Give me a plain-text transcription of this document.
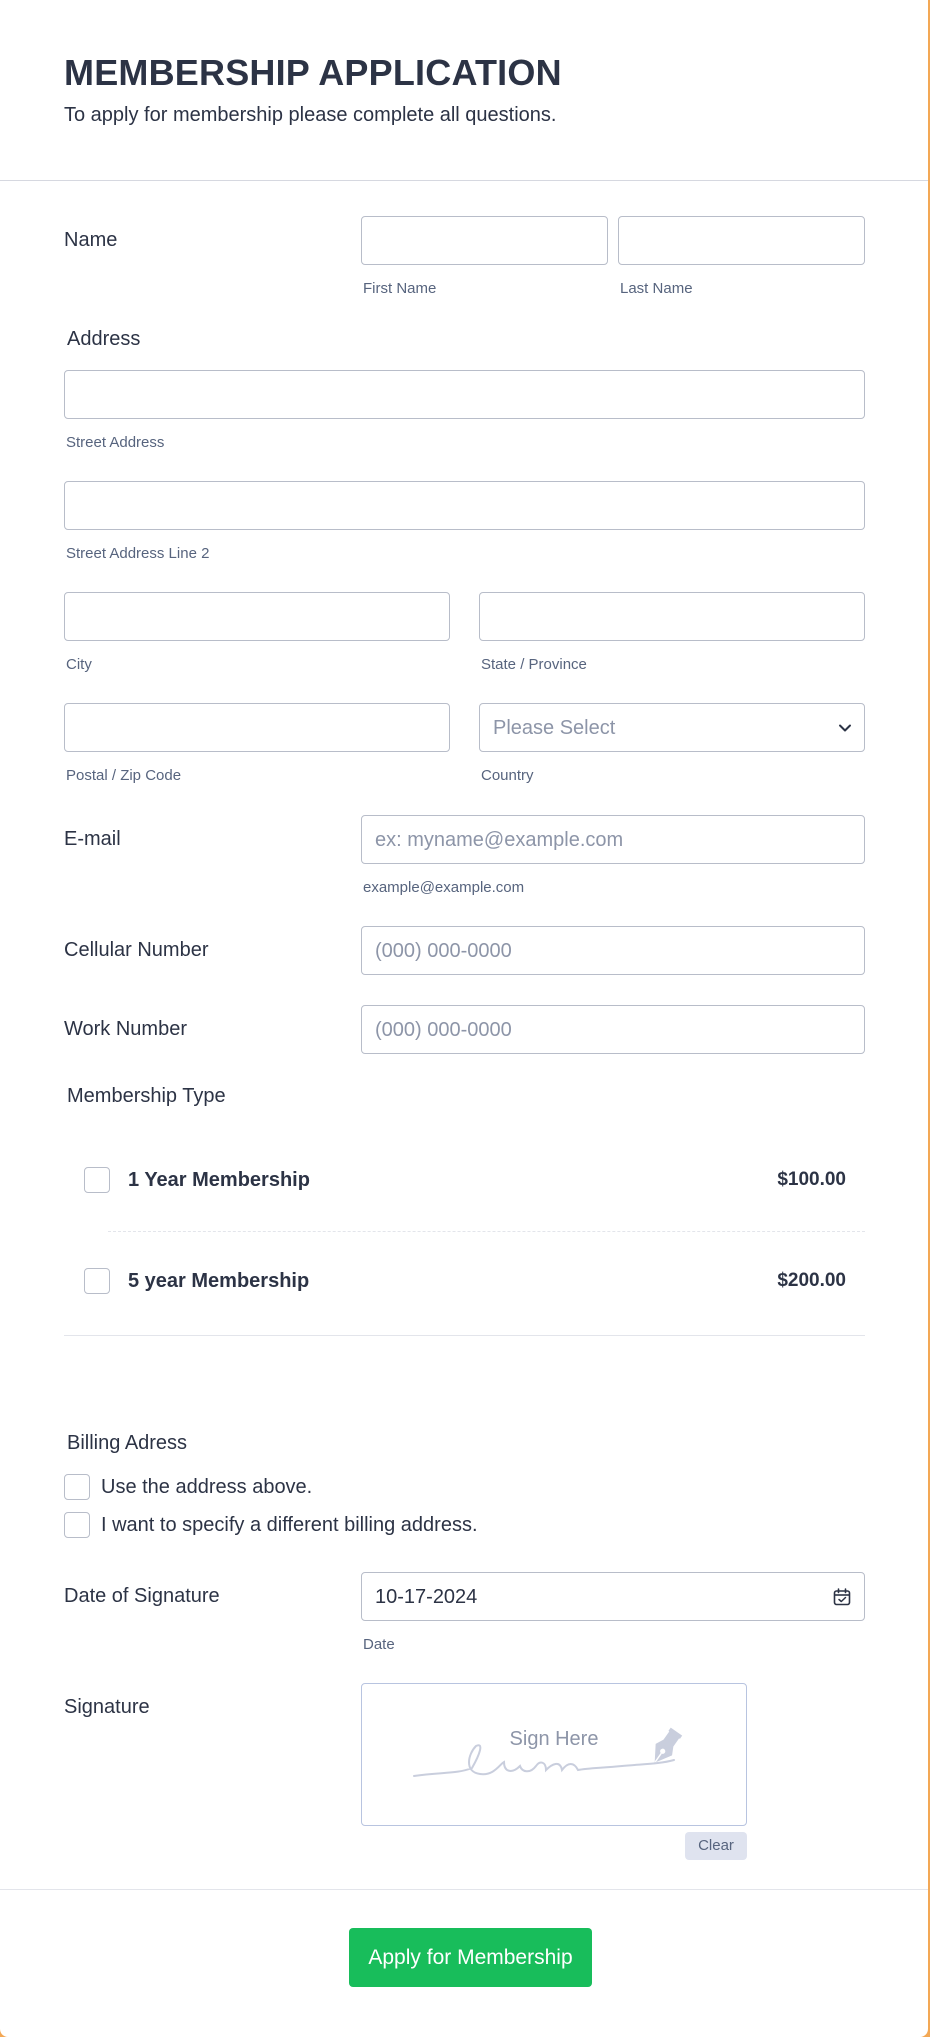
MEMBERSHIP APPLICATION
To apply for membership please complete all questions.
Name
First Name	Last Name
Address
Street Address
Street Address Line 2
City	State / Province
Please Select
Postal / Zip Code	Country
E-mail	ex: myname@example.com
example@example.com
Cellular Number	(000) 000-0000
Work Number	(000) 000-0000
Membership Type
1 Year Membership	$100.00
5 year Membership	$200.00
Billing Adress
Use the address above.
I want to specify a different billing address.
Date of Signature	10-17-2024
Date
Signature
Sign Here
Clear
Apply for Membership
